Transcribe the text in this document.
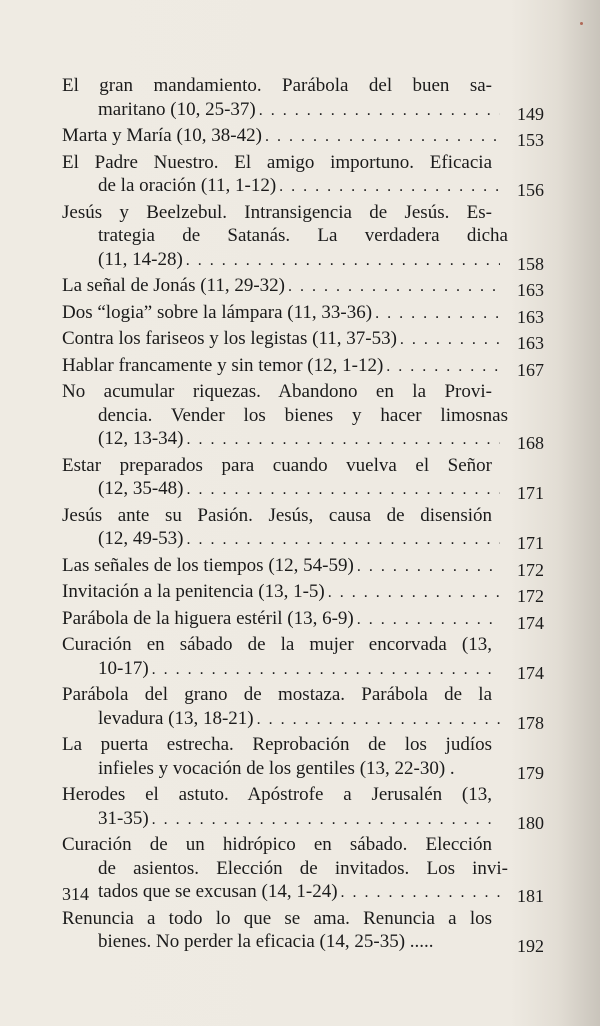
El gran mandamiento. Parábola del buen sa-
maritano (10, 25-37) . . .	149
Marta y María (10, 38-42) . . .	153
El Padre Nuestro. El amigo importuno. Eficacia
de la oración (11, 1-12) . . .	156
Jesús y Beelzebul. Intransigencia de Jesús. Es-
trategia de Satanás. La verdadera dicha
(11, 14-28) . . .	158
La señal de Jonás (11, 29-32) . . .	163
Dos “logia” sobre la lámpara (11, 33-36) . . .	163
Contra los fariseos y los legistas (11, 37-53) . . .	163
Hablar francamente y sin temor (12, 1-12) . . .	167
No acumular riquezas. Abandono en la Provi-
dencia. Vender los bienes y hacer limosnas
(12, 13-34) . . .	168
Estar preparados para cuando vuelva el Señor
(12, 35-48) . . .	171
Jesús ante su Pasión. Jesús, causa de disensión
(12, 49-53) . . .	171
Las señales de los tiempos (12, 54-59) . . .	172
Invitación a la penitencia (13, 1-5) . . .	172
Parábola de la higuera estéril (13, 6-9) . . .	174
Curación en sábado de la mujer encorvada (13,
10-17) . . .	174
Parábola del grano de mostaza. Parábola de la
levadura (13, 18-21) . . .	178
La puerta estrecha. Reprobación de los judíos
infieles y vocación de los gentiles (13, 22-30) .	179
Herodes el astuto. Apóstrofe a Jerusalén (13,
31-35) . . .	180
Curación de un hidrópico en sábado. Elección
de asientos. Elección de invitados. Los invi-
tados que se excusan (14, 1-24) . . .	181
Renuncia a todo lo que se ama. Renuncia a los
bienes. No perder la eficacia (14, 25-35) .....	192
314
